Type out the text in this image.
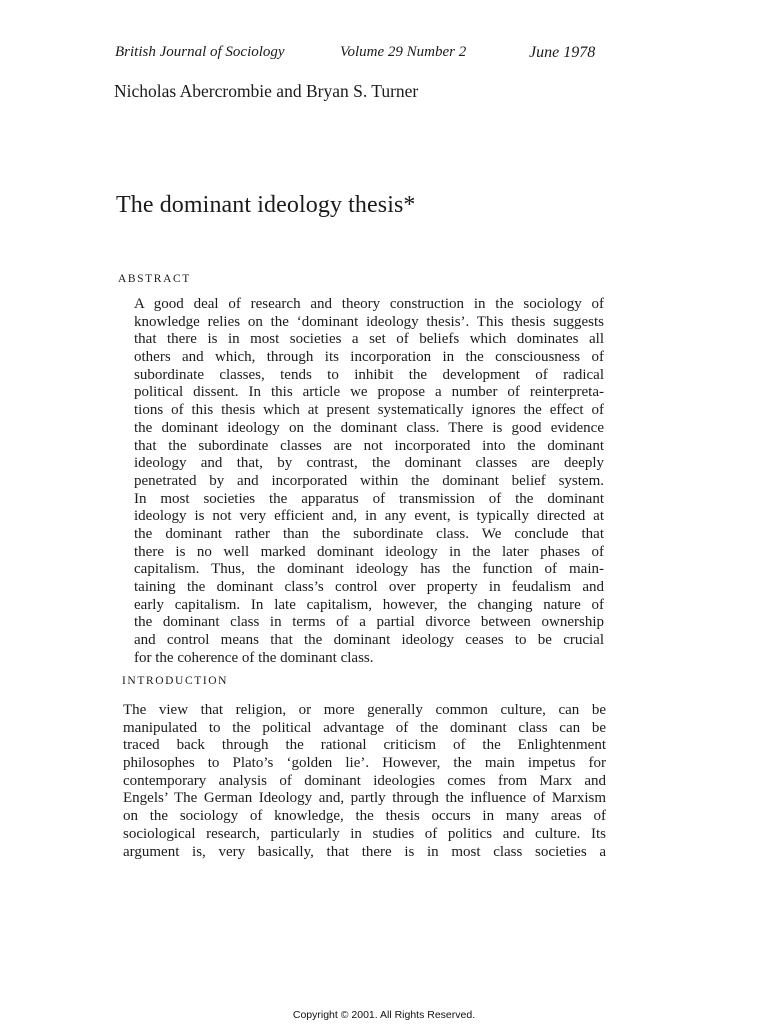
British Journal of Sociology	Volume 29 Number 2	June 1978
Nicholas Abercrombie and Bryan S. Turner
The dominant ideology thesis*
ABSTRACT
A good deal of research and theory construction in the sociology of
knowledge relies on the ‘dominant ideology thesis’. This thesis suggests
that there is in most societies a set of beliefs which dominates all
others and which, through its incorporation in the consciousness of
subordinate classes, tends to inhibit the development of radical
political dissent. In this article we propose a number of reinterpreta-
tions of this thesis which at present systematically ignores the effect of
the dominant ideology on the dominant class. There is good evidence
that the subordinate classes are not incorporated into the dominant
ideology and that, by contrast, the dominant classes are deeply
penetrated by and incorporated within the dominant belief system.
In most societies the apparatus of transmission of the dominant
ideology is not very efficient and, in any event, is typically directed at
the dominant rather than the subordinate class. We conclude that
there is no well marked dominant ideology in the later phases of
capitalism. Thus, the dominant ideology has the function of main-
taining the dominant class’s control over property in feudalism and
early capitalism. In late capitalism, however, the changing nature of
the dominant class in terms of a partial divorce between ownership
and control means that the dominant ideology ceases to be crucial
for the coherence of the dominant class.
INTRODUCTION
The view that religion, or more generally common culture, can be
manipulated to the political advantage of the dominant class can be
traced back through the rational criticism of the Enlightenment
philosophes to Plato’s ‘golden lie’. However, the main impetus for
contemporary analysis of dominant ideologies comes from Marx and
Engels’ The German Ideology and, partly through the influence of Marxism
on the sociology of knowledge, the thesis occurs in many areas of
sociological research, particularly in studies of politics and culture. Its
argument is, very basically, that there is in most class societies a
Copyright © 2001. All Rights Reserved.
